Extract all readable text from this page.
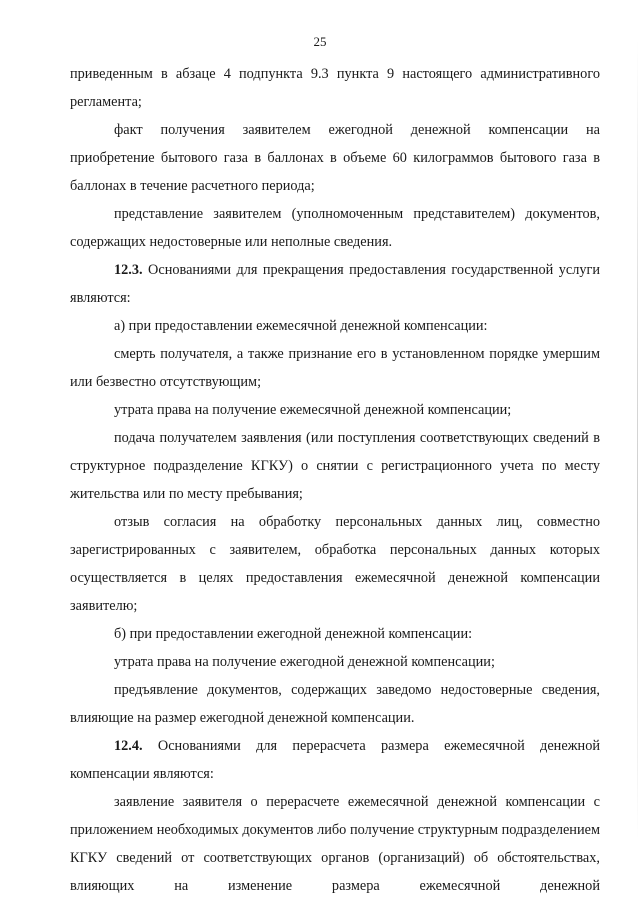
25

приведенным в абзаце 4 подпункта 9.3 пункта 9 настоящего административного регламента;

факт получения заявителем ежегодной денежной компенсации на приобретение бытового газа в баллонах в объеме 60 килограммов бытового газа в баллонах в течение расчетного периода;

представление заявителем (уполномоченным представителем) документов, содержащих недостоверные или неполные сведения.

12.3. Основаниями для прекращения предоставления государственной услуги являются:

а) при предоставлении ежемесячной денежной компенсации:

смерть получателя, а также признание его в установленном порядке умершим или безвестно отсутствующим;

утрата права на получение ежемесячной денежной компенсации;

подача получателем заявления (или поступления соответствующих сведений в структурное подразделение КГКУ) о снятии с регистрационного учета по месту жительства или по месту пребывания;

отзыв согласия на обработку персональных данных лиц, совместно зарегистрированных с заявителем, обработка персональных данных которых осуществляется в целях предоставления ежемесячной денежной компенсации заявителю;

б) при предоставлении ежегодной денежной компенсации:

утрата права на получение ежегодной денежной компенсации;

предъявление документов, содержащих заведомо недостоверные сведения, влияющие на размер ежегодной денежной компенсации.

12.4. Основаниями для перерасчета размера ежемесячной денежной компенсации являются:

заявление заявителя о перерасчете ежемесячной денежной компенсации с приложением необходимых документов либо получение структурным подразделением КГКУ сведений от соответствующих органов (организаций) об обстоятельствах, влияющих на изменение размера ежемесячной денежной
